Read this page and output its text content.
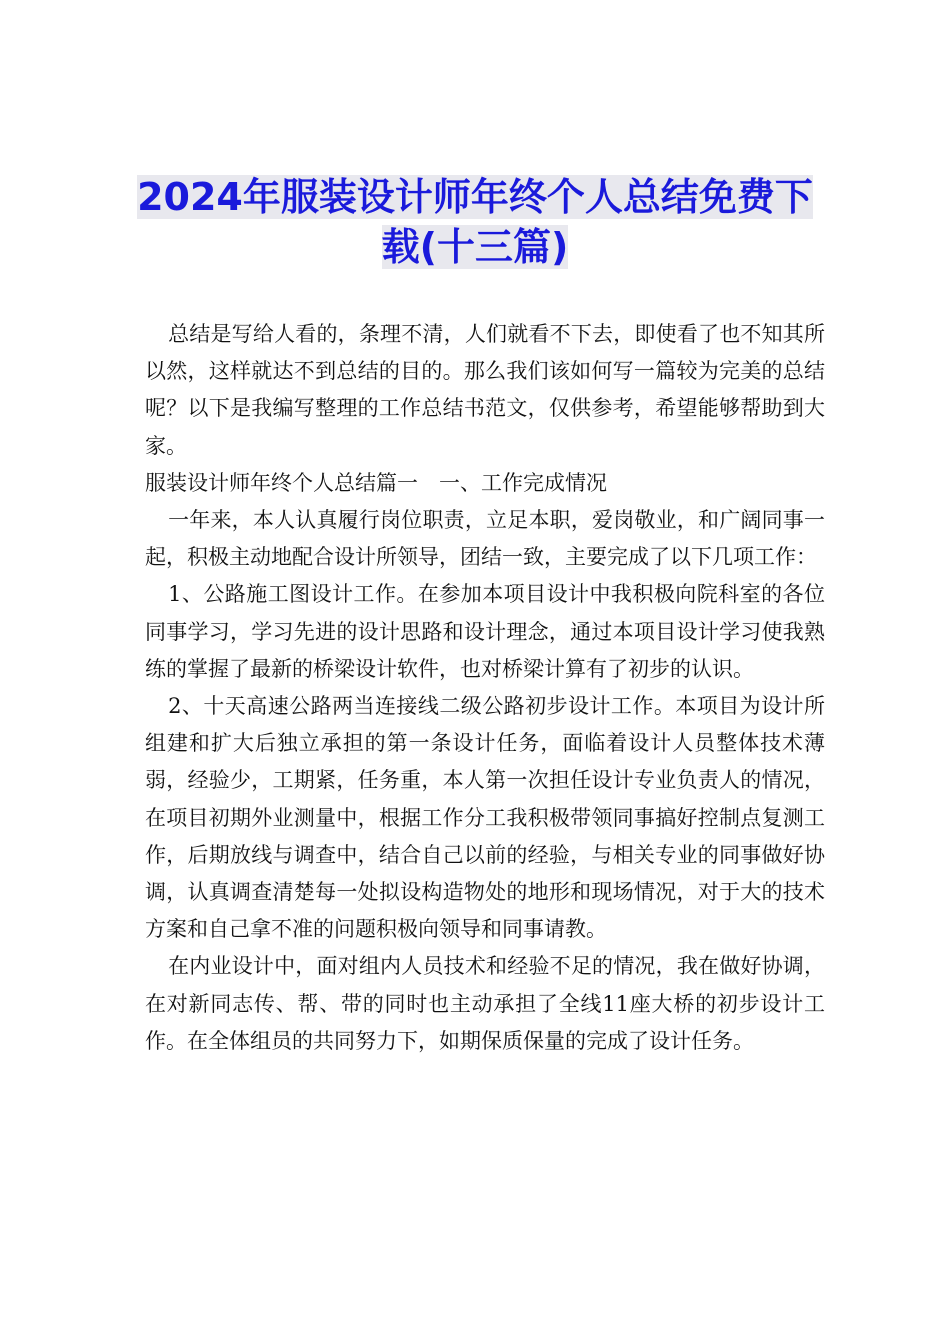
2024年服装设计师年终个人总结免费下
载(十三篇)

总结是写给人看的，条理不清，人们就看不下去，即使看了也不知其所以然，这样就达不到总结的目的。那么我们该如何写一篇较为完美的总结呢？以下是我编写整理的工作总结书范文，仅供参考，希望能够帮助到大家。

服装设计师年终个人总结篇一　一、工作完成情况

一年来，本人认真履行岗位职责，立足本职，爱岗敬业，和广阔同事一起，积极主动地配合设计所领导，团结一致，主要完成了以下几项工作：

1、公路施工图设计工作。在参加本项目设计中我积极向院科室的各位同事学习，学习先进的设计思路和设计理念，通过本项目设计学习使我熟练的掌握了最新的桥梁设计软件，也对桥梁计算有了初步的认识。

2、十天高速公路两当连接线二级公路初步设计工作。本项目为设计所组建和扩大后独立承担的第一条设计任务，面临着设计人员整体技术薄弱，经验少，工期紧，任务重，本人第一次担任设计专业负责人的情况，在项目初期外业测量中，根据工作分工我积极带领同事搞好控制点复测工作，后期放线与调查中，结合自己以前的经验，与相关专业的同事做好协调，认真调查清楚每一处拟设构造物处的地形和现场情况，对于大的技术方案和自己拿不准的问题积极向领导和同事请教。

在内业设计中，面对组内人员技术和经验不足的情况，我在做好协调，在对新同志传、帮、带的同时也主动承担了全线11座大桥的初步设计工作。在全体组员的共同努力下，如期保质保量的完成了设计任务。
